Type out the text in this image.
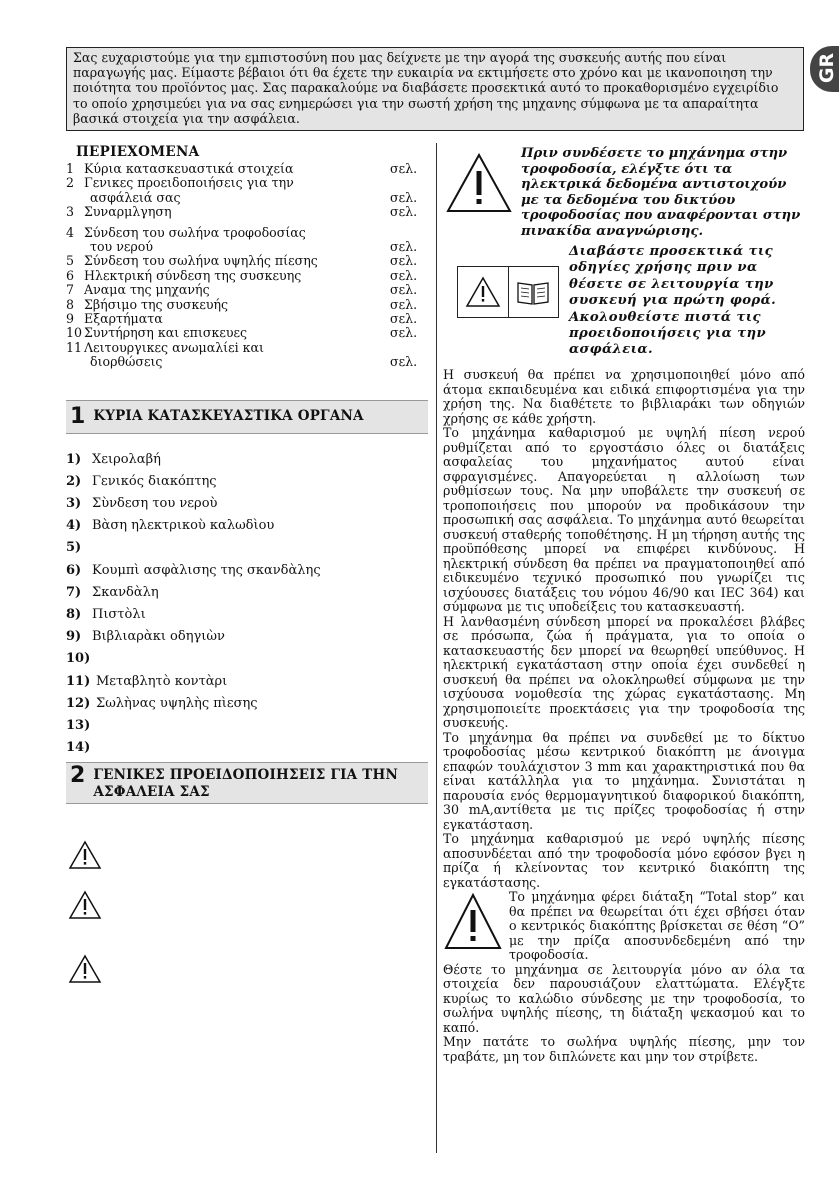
Σας ευχαριστούμε για την εμπιστοσύνη που μας δείχνετε με την αγορά της συσκευής αυτής που είναι παραγωγής μας. Είμαστε βέβαιοι ότι θα έχετε την ευκαιρία να εκτιμήσετε στο χρόνο και με ικανοποιηση την ποιότητα του προϊόντος μας. Σας παρακαλούμε να διαβάσετε προσεκτικά αυτό το προκαθορισμένο εγχειρίδιο το οποίο χρησιμεύει για να σας ενημερώσει για την σωστή χρήση της μηχανης σύμφωνα με τα απαραίτητα βασικά στοιχεία για την ασφάλεια.
GR
ΠΕΡΙΕΧΟΜΕΝΑ
1 Κύρια κατασκευαστικά στοιχεία	σελ.
2 Γενικες προειδοποιήσεις για την
ασφάλειά σας	σελ.
3 Συναρμλγηση	σελ.
4 Σύνδεση του σωλήνα τροφοδοσίας
του νερού	σελ.
5 Σύνδεση του σωλήνα υψηλής πίεσης	σελ.
6 Ηλεκτρική σύνδεση της συσκευης	σελ.
7 Αναμα της μηχανής	σελ.
8 Σβήσιμο της συσκευής	σελ.
9 Εξαρτήματα	σελ.
10 Συντήρηση και επισκευες	σελ.
11 Λειτουργικες ανωμαλίεi και
διορθώσεις	σελ.
1 ΚΥΡΙΑ ΚΑΤΑΣΚΕΥΑΣΤΙΚΑ ΟΡΓΑΝΑ
1) Χειρολαβή
2) Γενικός διακόπτης
3) Σὺνδεση του νεροὺ
4) Βὰση ηλεκτρικοὺ καλωδὶου
5)
6) Κουμπὶ ασφὰλισης της σκανδὰλης
7) Σκανδὰλη
8) Πιστὸλι
9) Βιβλιαρὰκι οδηγιὼν
10)
11) Μεταβλητὸ κοντὰρι
12) Σωλὴνας υψηλὴς πὶεσης
13)
14)
2 ΓΕΝΙΚΕΣ ΠΡΟΕΙΔΟΠΟΙΗΣΕΙΣ ΓΙΑ ΤΗΝ
ΑΣΦΑΛΕΙΑ ΣΑΣ
Πριν συνδέσετε το μηχάνημα στην τροφοδοσία, ελέγξτε ότι τα ηλεκτρικά δεδομένα αντιστοιχούν με τα δεδομένα του δικτύου τροφοδοσίας που αναφέρονται στην πινακίδα αναγνώρισης.
Διαβάστε προσεκτικά τις οδηγίες χρήσης πριν να θέσετε σε λειτουργία την συσκευή για πρώτη φορά. Ακολουθείστε πιστά τις προειδοποιήσεις για την ασφάλεια.

Η συσκευή θα πρέπει να χρησιμοποιηθεί μόνο από άτομα εκπαιδευμένα και ειδικά επιφορτισμένα για την χρήση της. Να διαθέτετε το βιβλιαράκι των οδηγιών χρήσης σε κάθε χρήστη.

Το μηχάνημα καθαρισμού με υψηλή πίεση νερού ρυθμίζεται από το εργοστάσιο όλες οι διατάξεις ασφαλείας του μηχανήματος αυτού είναι σφραγισμένες. Απαγορεύεται η αλλοίωση των ρυθμίσεων τους. Να μην υποβάλετε την συσκευή σε τροποποιήσεις που μπορούν να προδικάσουν την προσωπική σας ασφάλεια. Το μηχάνημα αυτό θεωρείται συσκευή σταθερής τοποθέτησης. Η μη τήρηση αυτής της προϋπόθεσης μπορεί να επιφέρει κινδύνους. Η ηλεκτρική σύνδεση θα πρέπει να πραγματοποιηθεί από ειδικευμένο τεχνικό προσωπικό που γνωρίζει τις ισχύουσες διατάξεις του νόμου 46/90 και IEC 364) και σύμφωνα με τις υποδείξεις του κατασκευαστή.

Η λανθασμένη σύνδεση μπορεί να προκαλέσει βλάβες σε πρόσωπα, ζώα ή πράγματα, για το οποία ο κατασκευαστής δεν μπορεί να θεωρηθεί υπεύθυνος. Η ηλεκτρική εγκατάσταση στην οποία έχει συνδεθεί η συσκευή θα πρέπει να ολοκληρωθεί σύμφωνα με την ισχύουσα νομοθεσία της χώρας εγκατάστασης. Μη χρησιμοποιείτε προεκτάσεις για την τροφοδοσία της συσκευής.

Το μηχάνημα θα πρέπει να συνδεθεί με το δίκτυο τροφοδοσίας μέσω κεντρικού διακόπτη με άνοιγμα επαφών τουλάχιστον 3 mm και χαρακτηριστικά που θα είναι κατάλληλα για το μηχάνημα. Συνιστάται η παρουσία ενός θερμομαγνητικού διαφορικού διακόπτη, 30 mA,αντίθετα με τις πρίζες τροφοδοσίας ή στην εγκατάσταση.

Το μηχάνημα καθαρισμού με νερό υψηλής πίεσης αποσυνδέεται από την τροφοδοσία μόνο εφόσον βγει η πρίζα ή κλείνοντας τον κεντρικό διακόπτη της εγκατάστασης.

Το μηχάνημα φέρει διάταξη “Total stop” και θα πρέπει να θεωρείται ότι έχει σβήσει όταν ο κεντρικός διακόπτης βρίσκεται σε θέση “O” με την πρίζα αποσυνδεδεμένη από την τροφοδοσία.

Θέστε το μηχάνημα σε λειτουργία μόνο αν όλα τα στοιχεία δεν παρουσιάζουν ελαττώματα. Ελέγξτε κυρίως το καλώδιο σύνδεσης με την τροφοδοσία, το σωλήνα υψηλής πίεσης, τη διάταξη ψεκασμού και το καπό.

Μην πατάτε το σωλήνα υψηλής πίεσης, μην τον τραβάτε, μη τον διπλώνετε και μην τον στρίβετε.
